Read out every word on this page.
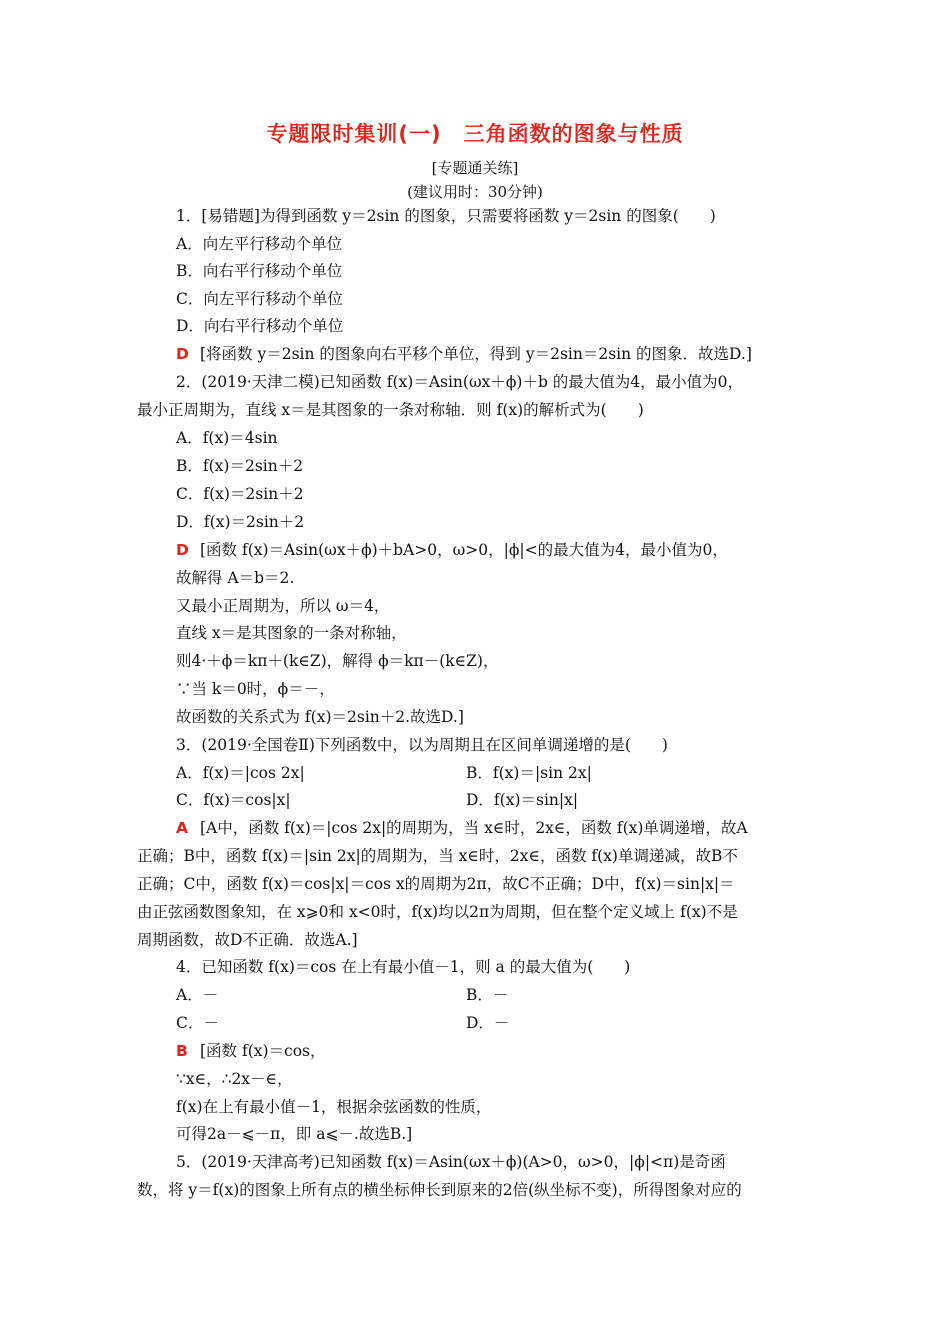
专题限时集训(一)　三角函数的图象与性质
[专题通关练]
(建议用时：30分钟)
1．[易错题]为得到函数 y＝2sin 的图象，只需要将函数 y＝2sin 的图象(　　)
A．向左平行移动个单位
B．向右平行移动个单位
C．向左平行移动个单位
D．向右平行移动个单位
D [将函数 y＝2sin 的图象向右平移个单位，得到 y＝2sin＝2sin 的图象．故选D.]
2．(2019·天津二模)已知函数 f(x)＝Asin(ωx＋ϕ)＋b 的最大值为4，最小值为0，
最小正周期为，直线 x＝是其图象的一条对称轴．则 f(x)的解析式为(　　)
A．f(x)＝4sin
B．f(x)＝2sin＋2
C．f(x)＝2sin＋2
D．f(x)＝2sin＋2
D [函数 f(x)＝Asin(ωx＋ϕ)＋bA>0，ω>0，|ϕ|<的最大值为4，最小值为0，
故解得 A＝b＝2.
又最小正周期为，所以 ω＝4，
直线 x＝是其图象的一条对称轴，
则4·＋ϕ＝kπ＋(k∈Z)，解得 ϕ＝kπ－(k∈Z)，
∵当 k＝0时，ϕ＝－，
故函数的关系式为 f(x)＝2sin＋2.故选D.]
3．(2019·全国卷Ⅱ)下列函数中，以为周期且在区间单调递增的是(　　)
A．f(x)＝|cos 2x|	B．f(x)＝|sin 2x|
C．f(x)＝cos|x|	D．f(x)＝sin|x|
A [A中，函数 f(x)＝|cos 2x|的周期为，当 x∈时，2x∈，函数 f(x)单调递增，故A
正确；B中，函数 f(x)＝|sin 2x|的周期为，当 x∈时，2x∈，函数 f(x)单调递减，故B不
正确；C中，函数 f(x)＝cos|x|＝cos x的周期为2π，故C不正确；D中，f(x)＝sin|x|＝
由正弦函数图象知，在 x⩾0和 x<0时，f(x)均以2π为周期，但在整个定义域上 f(x)不是
周期函数，故D不正确．故选A.]
4．已知函数 f(x)＝cos 在上有最小值－1，则 a 的最大值为(　　)
A．－	B．－
C．－	D．－
B [函数 f(x)＝cos，
∵x∈，∴2x－∈，
f(x)在上有最小值－1，根据余弦函数的性质，
可得2a－⩽－π，即 a⩽－.故选B.]
5．(2019·天津高考)已知函数 f(x)＝Asin(ωx＋ϕ)(A>0，ω>0，|ϕ|<π)是奇函
数，将 y＝f(x)的图象上所有点的横坐标伸长到原来的2倍(纵坐标不变)，所得图象对应的
